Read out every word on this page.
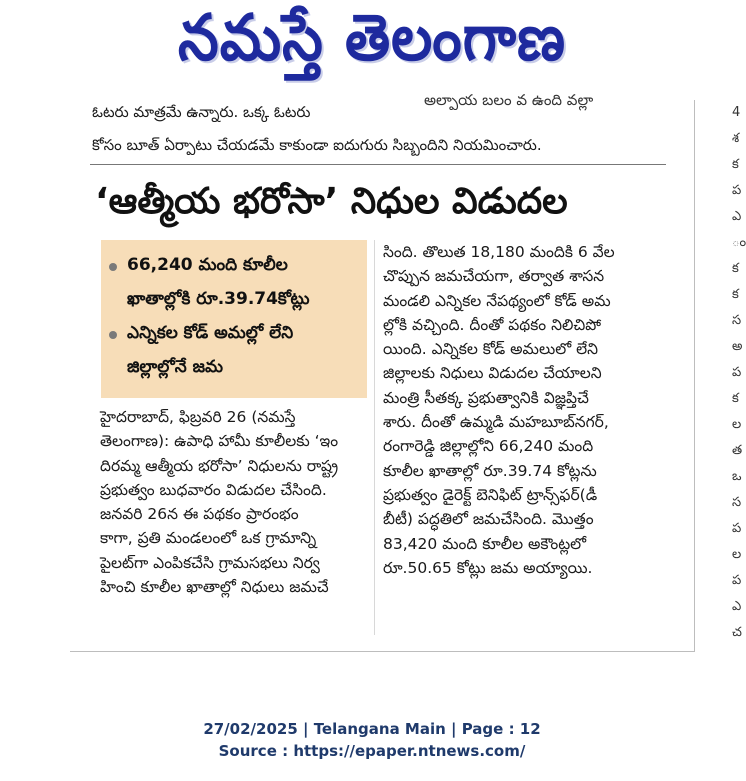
నమస్తే తెలంగాణ
ఓటరు మాత్రమే ఉన్నారు. ఒక్క ఓటరు
అల్పాయ బలం వ ఉంది వల్లా
కోసం బూత్ ఏర్పాటు చేయడమే కాకుండా ఐదుగురు సిబ్బందిని నియమించారు.
‘ఆత్మీయ భరోసా’ నిధుల విడుదల
66,240 మంది కూలీల
ఖాతాల్లోకి రూ.39.74కోట్లు
ఎన్నికల కోడ్ అమల్లో లేని
జిల్లాల్లోనే జమ
హైదరాబాద్, ఫిబ్రవరి 26 (నమస్తే
తెలంగాణ): ఉపాధి హామీ కూలీలకు ‘ఇం
దిరమ్మ ఆత్మీయ భరోసా’ నిధులను రాష్ట్ర
ప్రభుత్వం బుధవారం విడుదల చేసింది.
జనవరి 26న ఈ పథకం ప్రారంభం
కాగా, ప్రతి మండలంలో ఒక గ్రామాన్ని
పైలట్‌గా ఎంపికచేసి గ్రామసభలు నిర్వ
హించి కూలీల ఖాతాల్లో నిధులు జమచే
సింది. తొలుత 18,180 మందికి 6 వేల
చొప్పున జమచేయగా, తర్వాత శాసన
మండలి ఎన్నికల నేపథ్యంలో కోడ్ అమ
ల్లోకి వచ్చింది. దీంతో పథకం నిలిచిపో
యింది. ఎన్నికల కోడ్ అమలులో లేని
జిల్లాలకు నిధులు విడుదల చేయాలని
మంత్రి సీతక్క ప్రభుత్వానికి విజ్ఞప్తిచే
శారు. దీంతో ఉమ్మడి మహబూబ్‌నగర్,
రంగారెడ్డి జిల్లాల్లోని 66,240 మంది
కూలీల ఖాతాల్లో రూ.39.74 కోట్లను
ప్రభుత్వం డైరెక్ట్ బెనిఫిట్ ట్రాన్స్‌ఫర్(డీ
బీటీ) పద్ధతిలో జమచేసింది. మొత్తం
83,420 మంది కూలీల అకౌంట్లలో
రూ.50.65 కోట్లు జమ అయ్యాయి.
4
శ
క
ప
ఎ
ం
క
క
స
అ
ప
క
ల
త
ఒ
స
ప
ల
ప
ఎ
చ
27/02/2025 | Telangana Main | Page : 12
Source : https://epaper.ntnews.com/
